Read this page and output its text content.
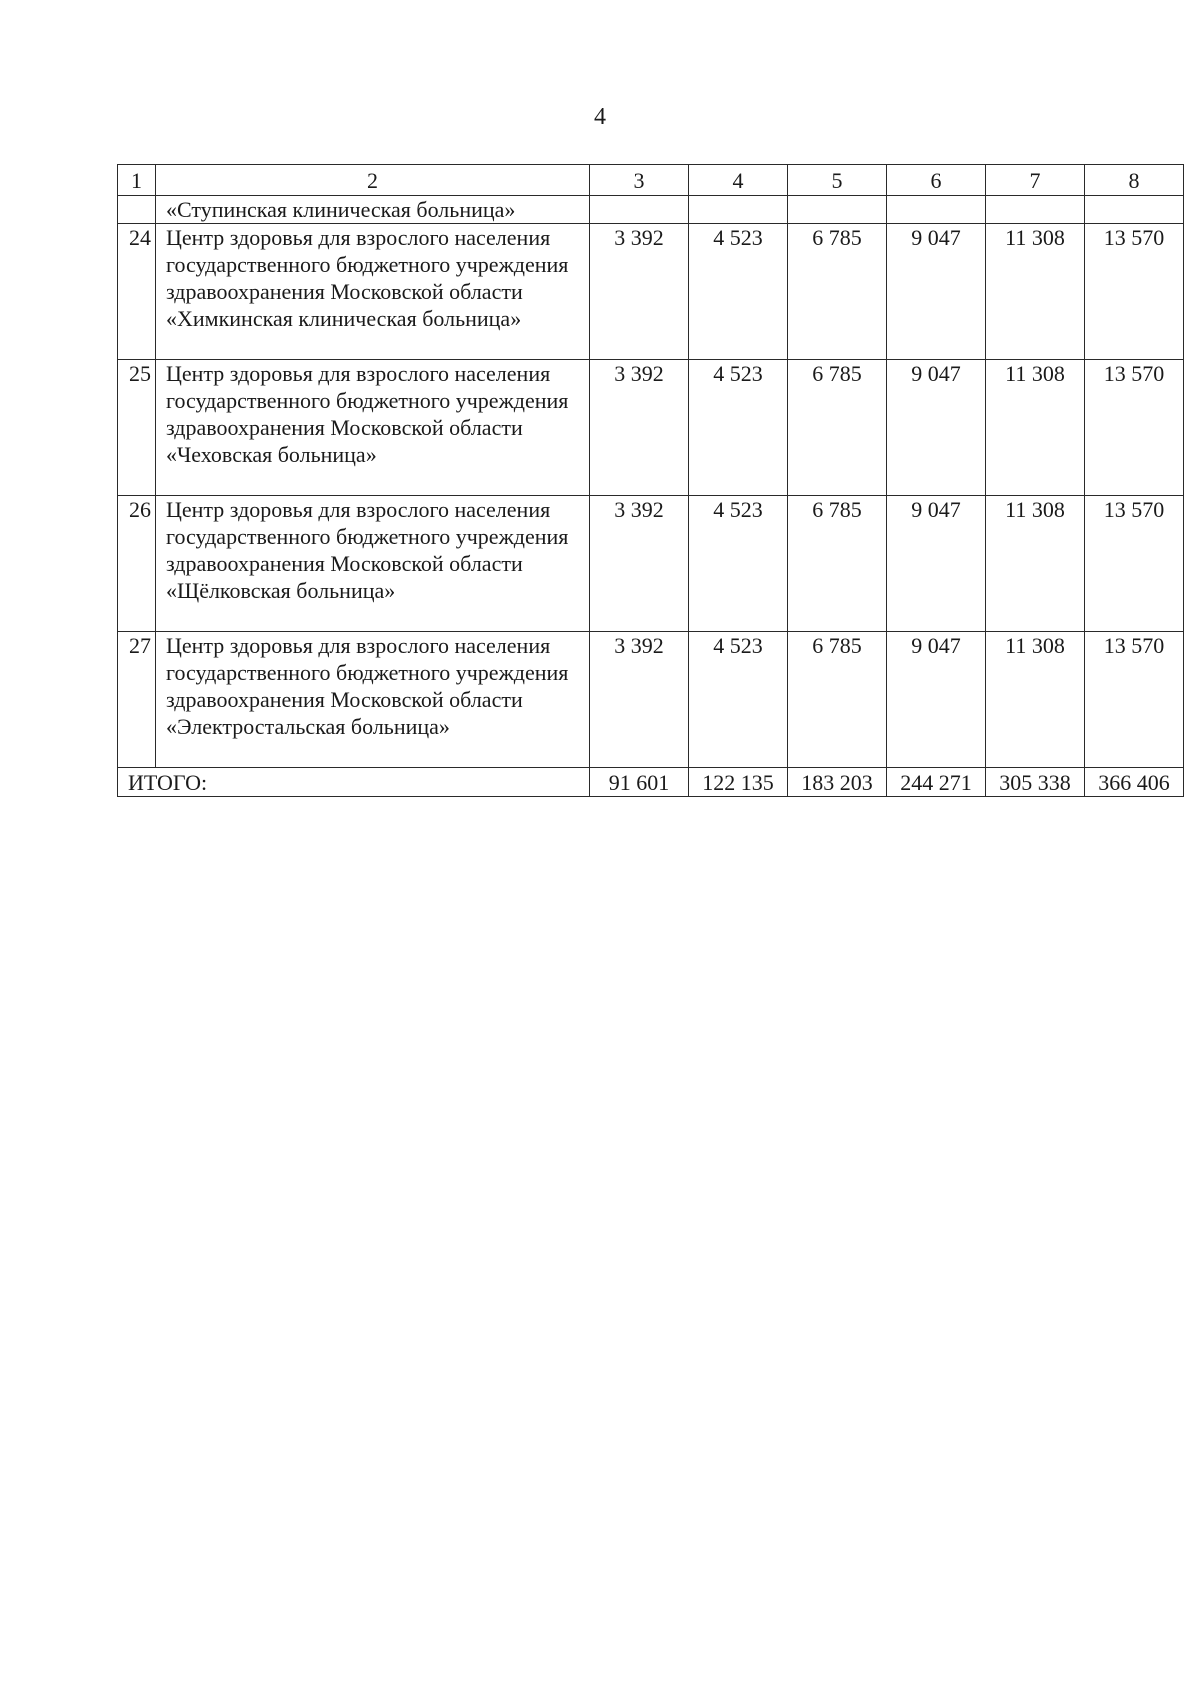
4
1	2	3	4	5	6	7	8
	«Ступинская клиническая больница»						
24	Центр здоровья для взрослого населения государственного бюджетного учреждения здравоохранения Московской области «Химкинская клиническая больница»	3 392	4 523	6 785	9 047	11 308	13 570
25	Центр здоровья для взрослого населения государственного бюджетного учреждения здравоохранения Московской области «Чеховская больница»	3 392	4 523	6 785	9 047	11 308	13 570
26	Центр здоровья для взрослого населения государственного бюджетного учреждения здравоохранения Московской области «Щёлковская больница»	3 392	4 523	6 785	9 047	11 308	13 570
27	Центр здоровья для взрослого населения государственного бюджетного учреждения здравоохранения Московской области «Электростальская больница»	3 392	4 523	6 785	9 047	11 308	13 570
ИТОГО:		91 601	122 135	183 203	244 271	305 338	366 406
